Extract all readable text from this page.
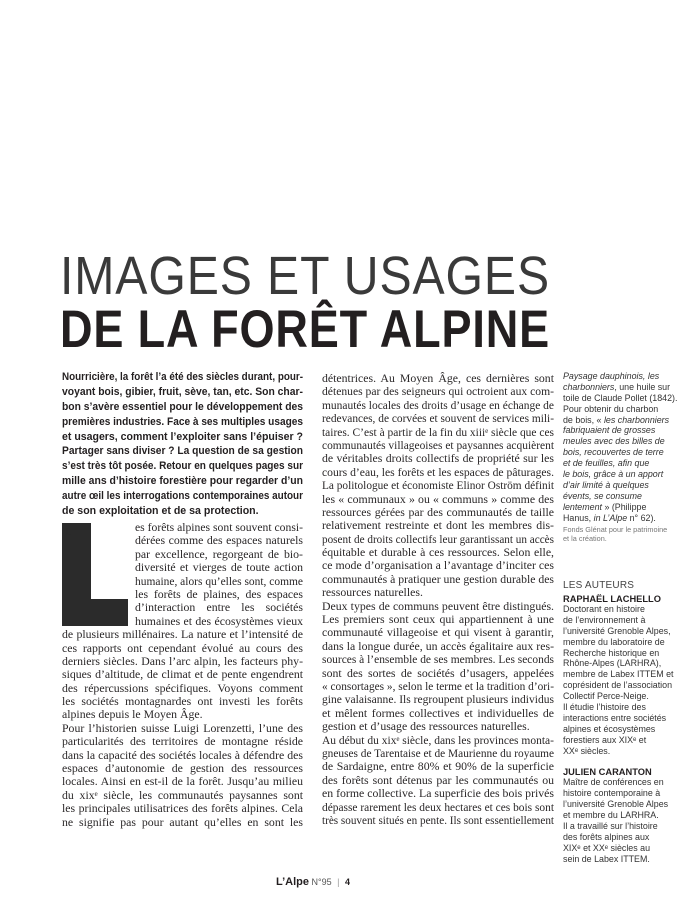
IMAGES ET USAGES
DE LA FORÊT ALPINE
Nourricière, la forêt l’a été des siècles durant, pour-
voyant bois, gibier, fruit, sève, tan, etc. Son char-
bon s’avère essentiel pour le développement des
premières industries. Face à ses multiples usages
et usagers, comment l’exploiter sans l’épuiser ?
Partager sans diviser ? La question de sa gestion
s’est très tôt posée. Retour en quelques pages sur
mille ans d’histoire forestière pour regarder d’un
autre œil les interrogations contemporaines autour
de son exploitation et de sa protection.
L	es forêts alpines sont souvent consi-
dérées comme des espaces naturels
par excellence, regorgeant de bio-
diversité et vierges de toute action
humaine, alors qu’elles sont, comme
les forêts de plaines, des espaces
d’interaction entre les sociétés
humaines et des écosystèmes vieux
de plusieurs millénaires. La nature et l’intensité de
ces rapports ont cependant évolué au cours des
derniers siècles. Dans l’arc alpin, les facteurs phy-
siques d’altitude, de climat et de pente engendrent
des répercussions spécifiques. Voyons comment
les sociétés montagnardes ont investi les forêts
alpines depuis le Moyen Âge.
Pour l’historien suisse Luigi Lorenzetti, l’une des
particularités des territoires de montagne réside
dans la capacité des sociétés locales à défendre des
espaces d’autonomie de gestion des ressources
locales. Ainsi en est-il de la forêt. Jusqu’au milieu
du xixᵉ siècle, les communautés paysannes sont
les principales utilisatrices des forêts alpines. Cela
ne signifie pas pour autant qu’elles en sont les
détentrices. Au Moyen Âge, ces dernières sont
détenues par des seigneurs qui octroient aux com-
munautés locales des droits d’usage en échange de
redevances, de corvées et souvent de services mili-
taires. C’est à partir de la fin du xiiiᵉ siècle que ces
communautés villageoises et paysannes acquièrent
de véritables droits collectifs de propriété sur les
cours d’eau, les forêts et les espaces de pâturages.
La politologue et économiste Elinor Oström définit
les « communaux » ou « communs » comme des
ressources gérées par des communautés de taille
relativement restreinte et dont les membres dis-
posent de droits collectifs leur garantissant un accès
équitable et durable à ces ressources. Selon elle,
ce mode d’organisation a l’avantage d’inciter ces
communautés à pratiquer une gestion durable des
ressources naturelles.
Deux types de communs peuvent être distingués.
Les premiers sont ceux qui appartiennent à une
communauté villageoise et qui visent à garantir,
dans la longue durée, un accès égalitaire aux res-
sources à l’ensemble de ses membres. Les seconds
sont des sortes de sociétés d’usagers, appelées
« consortages », selon le terme et la tradition d’ori-
gine valaisanne. Ils regroupent plusieurs individus
et mêlent formes collectives et individuelles de
gestion et d’usage des ressources naturelles.
Au début du xixᵉ siècle, dans les provinces monta-
gneuses de Tarentaise et de Maurienne du royaume
de Sardaigne, entre 80% et 90% de la superficie
des forêts sont détenus par les communautés ou
en forme collective. La superficie des bois privés
dépasse rarement les deux hectares et ces bois sont
très souvent situés en pente. Ils sont essentiellement
Paysage dauphinois, les
charbonniers, une huile sur
toile de Claude Pollet (1842).
Pour obtenir du charbon
de bois, « les charbonniers
fabriquaient de grosses
meules avec des billes de
bois, recouvertes de terre
et de feuilles, afin que
le bois, grâce à un apport
d’air limité à quelques
évents, se consume
lentement » (Philippe
Hanus, in L’Alpe n° 62).
Fonds Glénat pour le patrimoine
et la création.
LES AUTEURS
RAPHAËL LACHELLO
Doctorant en histoire
de l’environnement à
l’université Grenoble Alpes,
membre du laboratoire de
Recherche historique en
Rhône-Alpes (LARHRA),
membre de Labex ITTEM et
coprésident de l’association
Collectif Perce-Neige.
Il étudie l’histoire des
interactions entre sociétés
alpines et écosystèmes
forestiers aux XIXᵉ et
XXᵉ siècles.
JULIEN CARANTON
Maître de conférences en
histoire contemporaine à
l’université Grenoble Alpes
et membre du LARHRA.
Il a travaillé sur l’histoire
des forêts alpines aux
XIXᵉ et XXᵉ siècles au
sein de Labex ITTEM.
L’Alpe N°95 | 4
